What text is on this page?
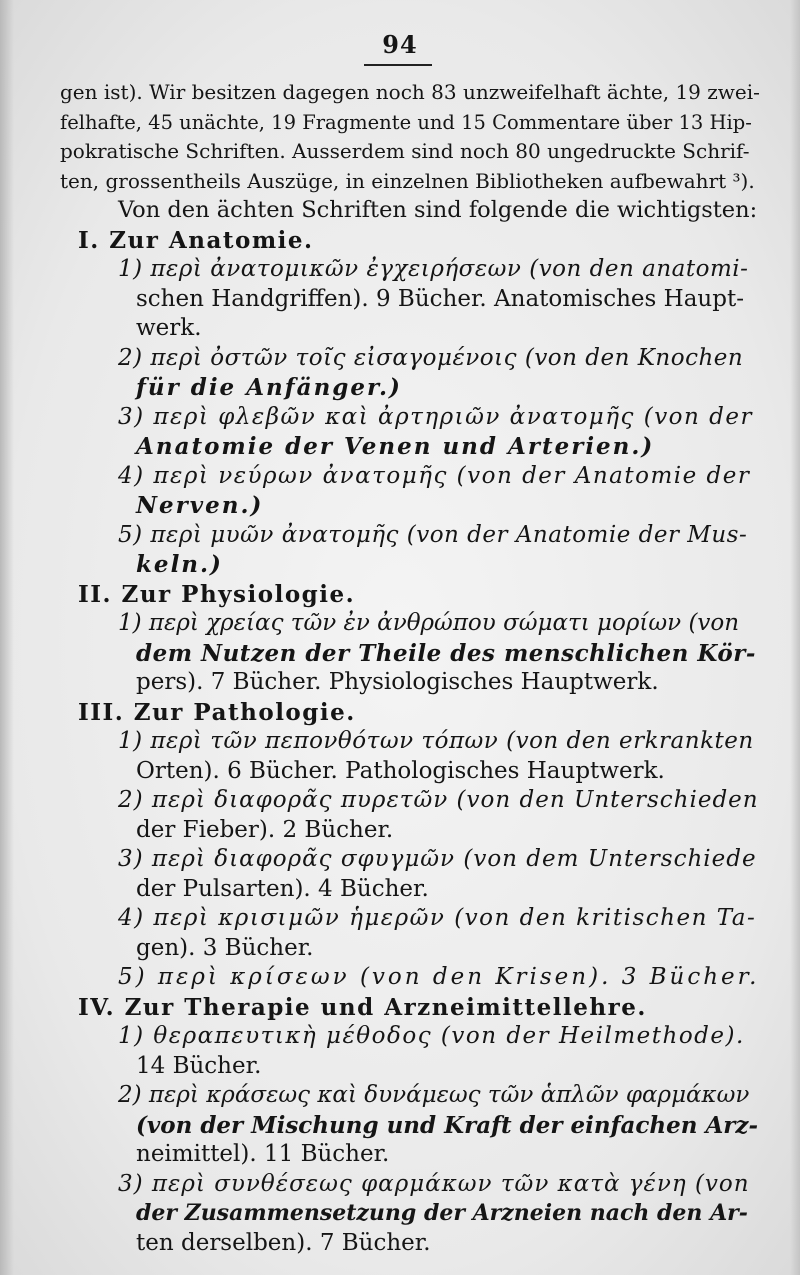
94
gen ist). Wir besitzen dagegen noch 83 unzweifelhaft ächte, 19 zwei-
felhafte, 45 unächte, 19 Fragmente und 15 Commentare über 13 Hip-
pokratische Schriften. Ausserdem sind noch 80 ungedruckte Schrif-
ten, grossentheils Auszüge, in einzelnen Bibliotheken aufbewahrt ³).
Von den ächten Schriften sind folgende die wichtigsten:
I. Zur Anatomie.
1) περὶ ἀνατομικῶν ἐγχειρήσεων (von den anatomi-
schen Handgriffen). 9 Bücher. Anatomisches Haupt-
werk.
2) περὶ ὀστῶν τοῖς εἰσαγομένοις (von den Knochen
für die Anfänger.)
3) περὶ φλεβῶν καὶ ἀρτηριῶν ἀνατομῆς (von der
Anatomie der Venen und Arterien.)
4) περὶ νεύρων ἀνατομῆς (von der Anatomie der
Nerven.)
5) περὶ μυῶν ἀνατομῆς (von der Anatomie der Mus-
keln.)
II. Zur Physiologie.
1) περὶ χρείας τῶν ἐν ἀνθρώπου σώματι μορίων (von
dem Nutzen der Theile des menschlichen Kör-
pers). 7 Bücher. Physiologisches Hauptwerk.
III. Zur Pathologie.
1) περὶ τῶν πεπονθότων τόπων (von den erkrankten
Orten). 6 Bücher. Pathologisches Hauptwerk.
2) περὶ διαφορᾶς πυρετῶν (von den Unterschieden
der Fieber). 2 Bücher.
3) περὶ διαφορᾶς σφυγμῶν (von dem Unterschiede
der Pulsarten). 4 Bücher.
4) περὶ κρισιμῶν ἡμερῶν (von den kritischen Ta-
gen). 3 Bücher.
5) περὶ κρίσεων (von den Krisen). 3 Bücher.
IV. Zur Therapie und Arzneimittellehre.
1) θεραπευτικὴ μέθοδος (von der Heilmethode).
14 Bücher.
2) περὶ κράσεως καὶ δυνάμεως τῶν ἁπλῶν φαρμάκων
(von der Mischung und Kraft der einfachen Arz-
neimittel). 11 Bücher.
3) περὶ συνθέσεως φαρμάκων τῶν κατὰ γένη (von
der Zusammensetzung der Arzneien nach den Ar-
ten derselben). 7 Bücher.
